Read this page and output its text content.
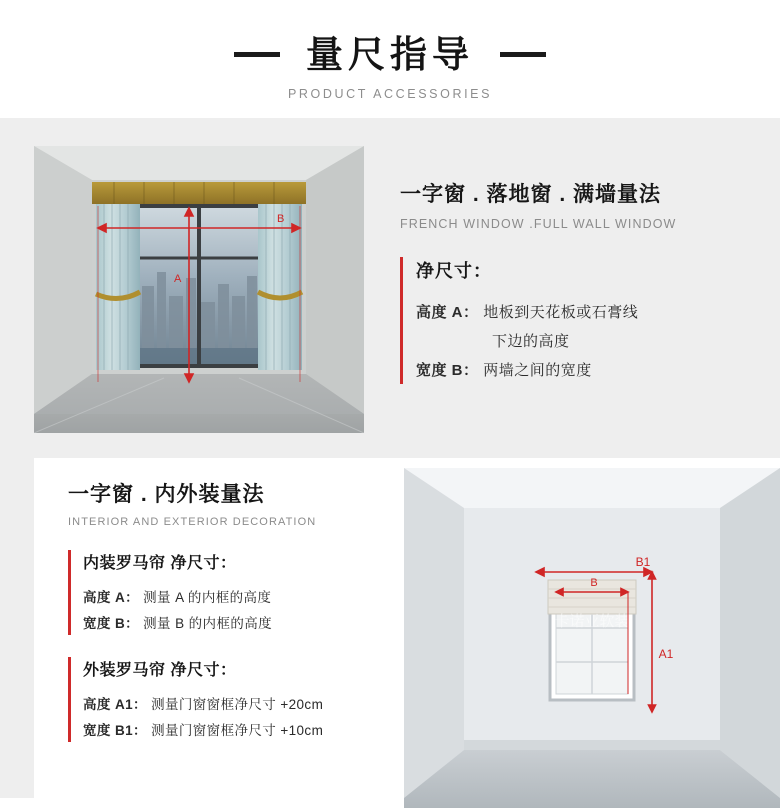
量尺指导
PRODUCT ACCESSORIES
B
A
一字窗 . 落地窗 . 满墙量法
FRENCH WINDOW .FULL WALL WINDOW
净尺寸：
高度 A： 地板到天花板或石膏线
下边的高度
宽度 B： 两墙之间的宽度
一字窗 . 内外装量法
INTERIOR AND EXTERIOR DECORATION
内装罗马帘 净尺寸：
高度 A： 测量 A 的内框的高度
宽度 B： 测量 B 的内框的高度
外装罗马帘 净尺寸：
高度 A1： 测量门窗窗框净尺寸 +20cm
宽度 B1： 测量门窗窗框净尺寸 +10cm
卡诺亚软装
B1
B
A1
